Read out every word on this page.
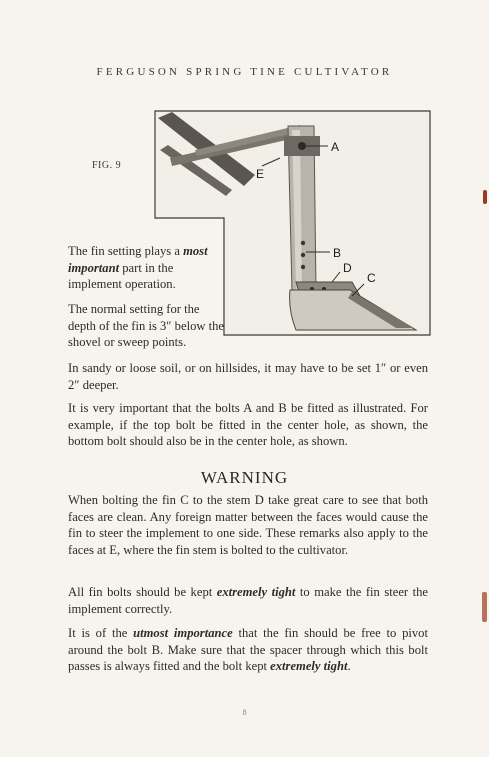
FERGUSON SPRING TINE CULTIVATOR
A
E
B
D
C
FIG. 9
The fin setting plays a most important part in the implement operation.
The normal setting for the depth of the fin is 3″ below the shovel or sweep points.
In sandy or loose soil, or on hillsides, it may have to be set 1″ or even 2″ deeper.
It is very important that the bolts A and B be fitted as illustrated. For example, if the top bolt be fitted in the center hole, as shown, the bottom bolt should also be in the center hole, as shown.
WARNING
When bolting the fin C to the stem D take great care to see that both faces are clean. Any foreign matter between the faces would cause the fin to steer the implement to one side. These remarks also apply to the faces at E, where the fin stem is bolted to the cultivator.
All fin bolts should be kept extremely tight to make the fin steer the implement correctly.
It is of the utmost importance that the fin should be free to pivot around the bolt B. Make sure that the spacer through which this bolt passes is always fitted and the bolt kept extremely tight.
8
